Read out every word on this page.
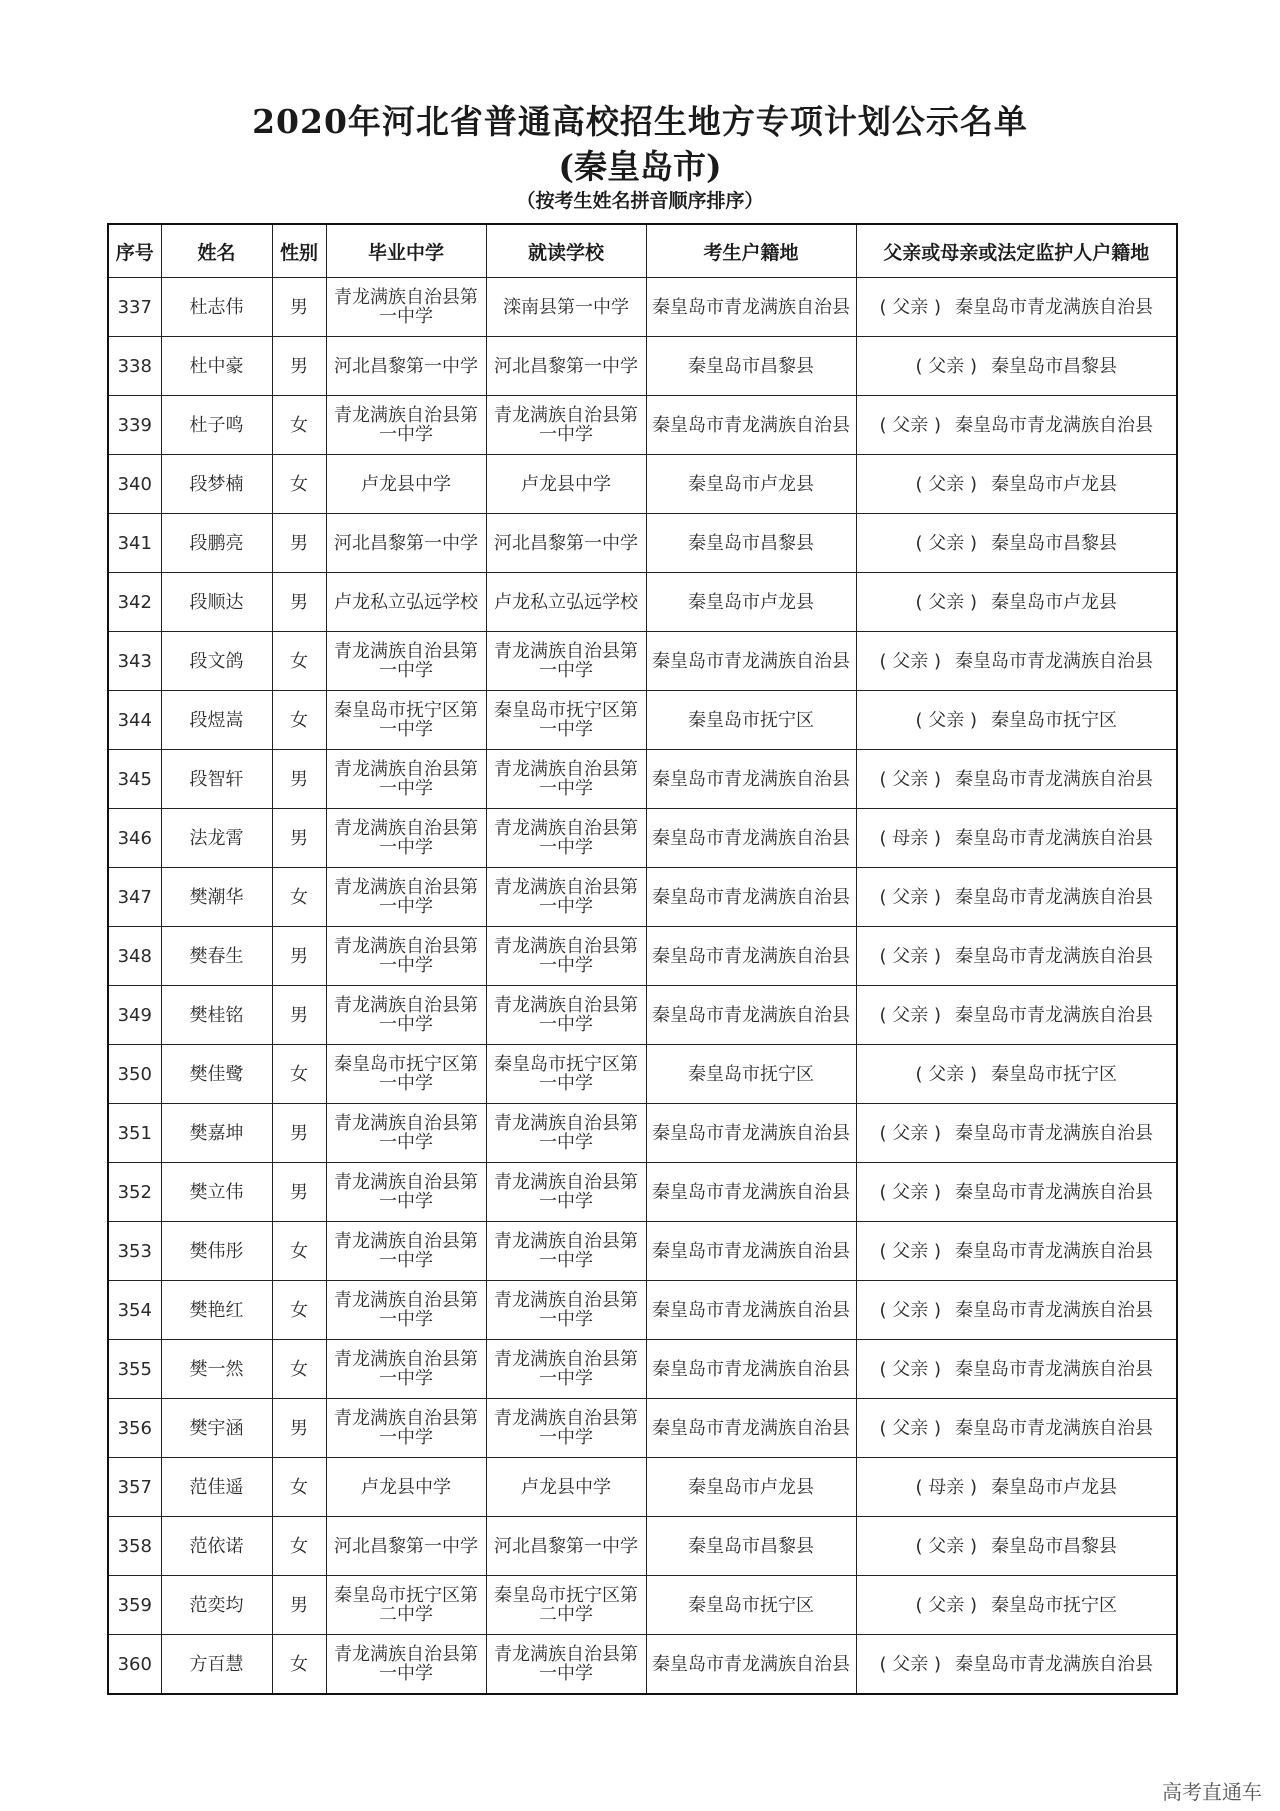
2020年河北省普通高校招生地方专项计划公示名单
(秦皇岛市)
（按考生姓名拼音顺序排序）
序号	姓名	性别	毕业中学	就读学校	考生户籍地	父亲或母亲或法定监护人户籍地
337	杜志伟	男	青龙满族自治县第一中学	滦南县第一中学	秦皇岛市青龙满族自治县	( 父亲 ) 秦皇岛市青龙满族自治县
338	杜中豪	男	河北昌黎第一中学	河北昌黎第一中学	秦皇岛市昌黎县	( 父亲 ) 秦皇岛市昌黎县
339	杜子鸣	女	青龙满族自治县第一中学	青龙满族自治县第一中学	秦皇岛市青龙满族自治县	( 父亲 ) 秦皇岛市青龙满族自治县
340	段梦楠	女	卢龙县中学	卢龙县中学	秦皇岛市卢龙县	( 父亲 ) 秦皇岛市卢龙县
341	段鹏亮	男	河北昌黎第一中学	河北昌黎第一中学	秦皇岛市昌黎县	( 父亲 ) 秦皇岛市昌黎县
342	段顺达	男	卢龙私立弘远学校	卢龙私立弘远学校	秦皇岛市卢龙县	( 父亲 ) 秦皇岛市卢龙县
343	段文鸽	女	青龙满族自治县第一中学	青龙满族自治县第一中学	秦皇岛市青龙满族自治县	( 父亲 ) 秦皇岛市青龙满族自治县
344	段煜嵩	女	秦皇岛市抚宁区第一中学	秦皇岛市抚宁区第一中学	秦皇岛市抚宁区	( 父亲 ) 秦皇岛市抚宁区
345	段智轩	男	青龙满族自治县第一中学	青龙满族自治县第一中学	秦皇岛市青龙满族自治县	( 父亲 ) 秦皇岛市青龙满族自治县
346	法龙霄	男	青龙满族自治县第一中学	青龙满族自治县第一中学	秦皇岛市青龙满族自治县	( 母亲 ) 秦皇岛市青龙满族自治县
347	樊潮华	女	青龙满族自治县第一中学	青龙满族自治县第一中学	秦皇岛市青龙满族自治县	( 父亲 ) 秦皇岛市青龙满族自治县
348	樊春生	男	青龙满族自治县第一中学	青龙满族自治县第一中学	秦皇岛市青龙满族自治县	( 父亲 ) 秦皇岛市青龙满族自治县
349	樊桂铭	男	青龙满族自治县第一中学	青龙满族自治县第一中学	秦皇岛市青龙满族自治县	( 父亲 ) 秦皇岛市青龙满族自治县
350	樊佳鹭	女	秦皇岛市抚宁区第一中学	秦皇岛市抚宁区第一中学	秦皇岛市抚宁区	( 父亲 ) 秦皇岛市抚宁区
351	樊嘉坤	男	青龙满族自治县第一中学	青龙满族自治县第一中学	秦皇岛市青龙满族自治县	( 父亲 ) 秦皇岛市青龙满族自治县
352	樊立伟	男	青龙满族自治县第一中学	青龙满族自治县第一中学	秦皇岛市青龙满族自治县	( 父亲 ) 秦皇岛市青龙满族自治县
353	樊伟彤	女	青龙满族自治县第一中学	青龙满族自治县第一中学	秦皇岛市青龙满族自治县	( 父亲 ) 秦皇岛市青龙满族自治县
354	樊艳红	女	青龙满族自治县第一中学	青龙满族自治县第一中学	秦皇岛市青龙满族自治县	( 父亲 ) 秦皇岛市青龙满族自治县
355	樊一然	女	青龙满族自治县第一中学	青龙满族自治县第一中学	秦皇岛市青龙满族自治县	( 父亲 ) 秦皇岛市青龙满族自治县
356	樊宇涵	男	青龙满族自治县第一中学	青龙满族自治县第一中学	秦皇岛市青龙满族自治县	( 父亲 ) 秦皇岛市青龙满族自治县
357	范佳遥	女	卢龙县中学	卢龙县中学	秦皇岛市卢龙县	( 母亲 ) 秦皇岛市卢龙县
358	范依诺	女	河北昌黎第一中学	河北昌黎第一中学	秦皇岛市昌黎县	( 父亲 ) 秦皇岛市昌黎县
359	范奕均	男	秦皇岛市抚宁区第二中学	秦皇岛市抚宁区第二中学	秦皇岛市抚宁区	( 父亲 ) 秦皇岛市抚宁区
360	方百慧	女	青龙满族自治县第一中学	青龙满族自治县第一中学	秦皇岛市青龙满族自治县	( 父亲 ) 秦皇岛市青龙满族自治县
高考直通车
